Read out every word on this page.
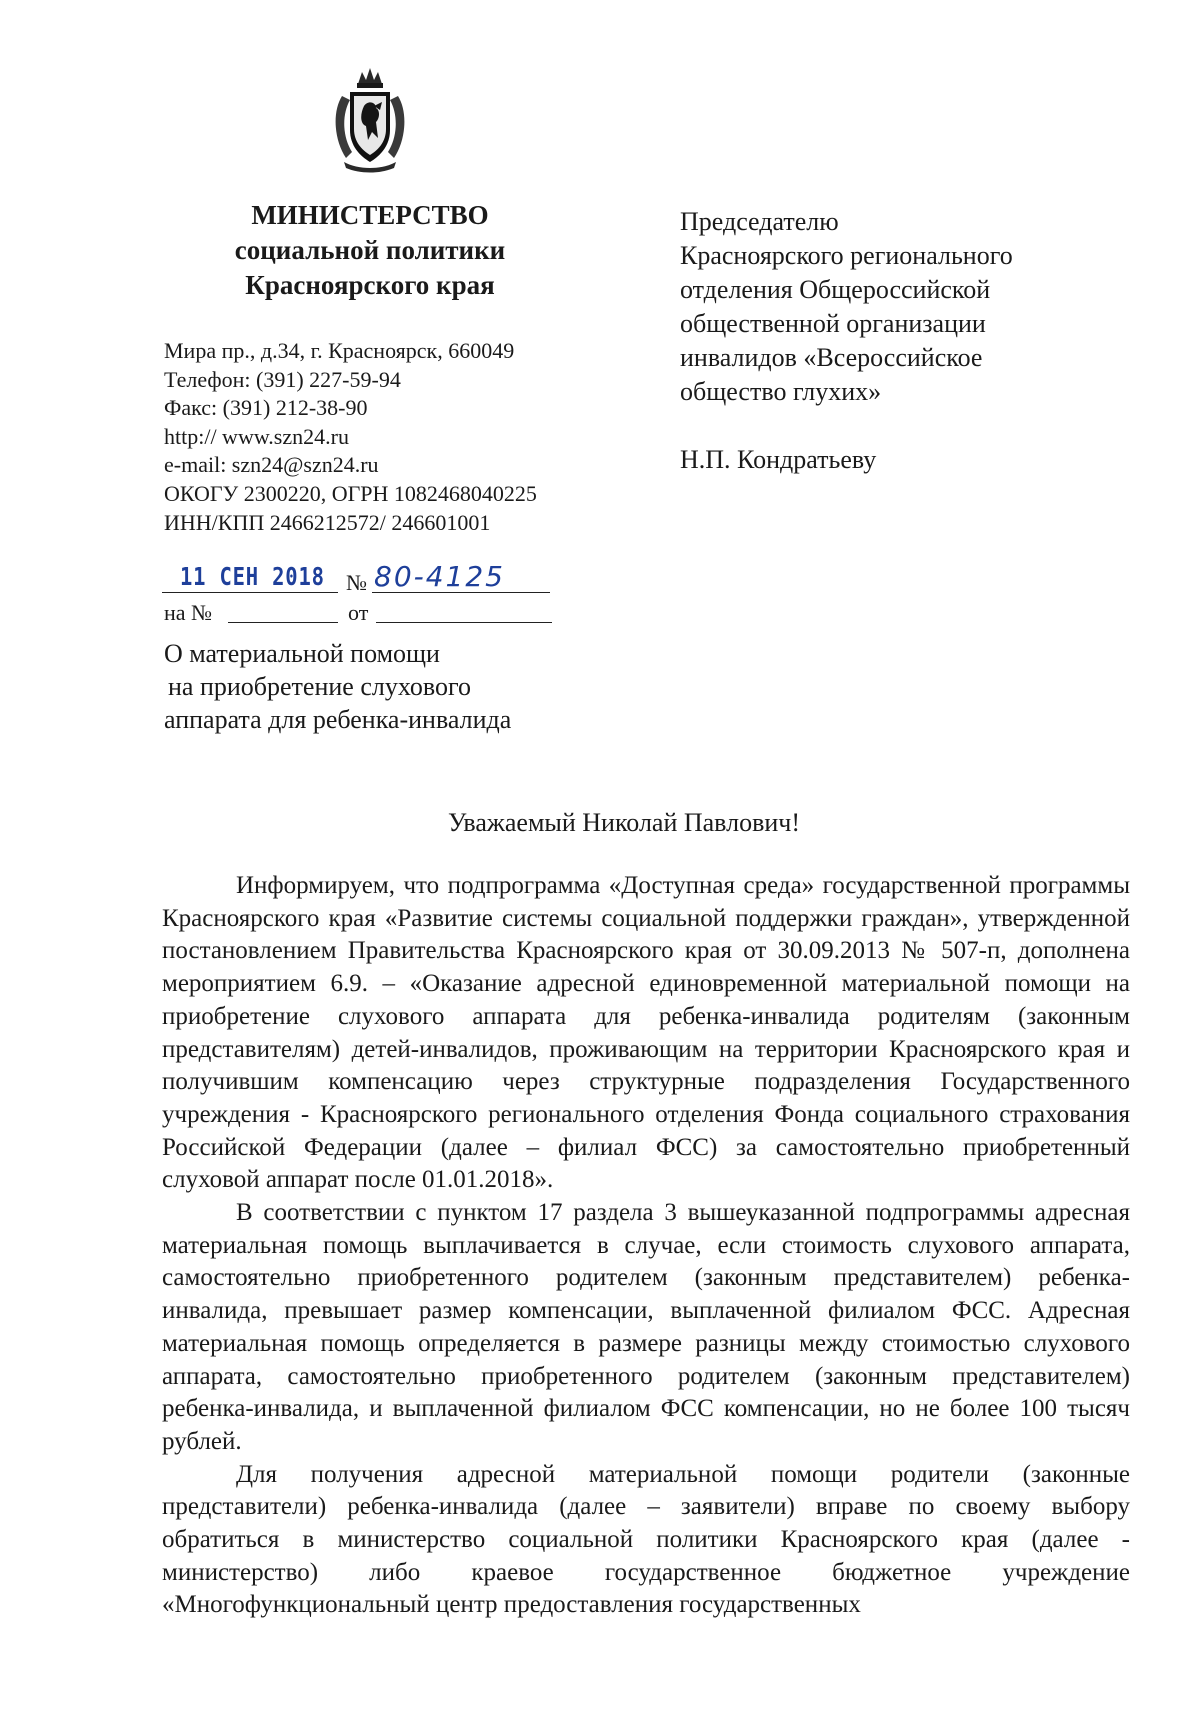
МИНИСТЕРСТВО
социальной политики
Красноярского края
Мира пр., д.34, г. Красноярск, 660049
Телефон: (391) 227-59-94
Факс: (391) 212-38-90
http:// www.szn24.ru
e-mail: szn24@szn24.ru
ОКОГУ 2300220, ОГРН 1082468040225
ИНН/КПП 2466212572/ 246601001
Председателю
Красноярского регионального
отделения Общероссийской
общественной организации
инвалидов «Всероссийское
общество глухих»
Н.П. Кондратьеву
11 СЕН 2018 № 80-4125
на №	от
О материальной помощи
на приобретение слухового
аппарата для ребенка-инвалида
Уважаемый Николай Павлович!

Информируем, что подпрограмма «Доступная среда» государственной программы Красноярского края «Развитие системы социальной поддержки граждан», утвержденной постановлением Правительства Красноярского края от 30.09.2013 № 507-п, дополнена мероприятием 6.9. – «Оказание адресной единовременной материальной помощи на приобретение слухового аппарата для ребенка-инвалида родителям (законным представителям) детей-инвалидов, проживающим на территории Красноярского края и получившим компенсацию через структурные подразделения Государственного учреждения - Красноярского регионального отделения Фонда социального страхования Российской Федерации (далее – филиал ФСС) за самостоятельно приобретенный слуховой аппарат после 01.01.2018».

В соответствии с пунктом 17 раздела 3 вышеуказанной подпрограммы адресная материальная помощь выплачивается в случае, если стоимость слухового аппарата, самостоятельно приобретенного родителем (законным представителем) ребенка-инвалида, превышает размер компенсации, выплаченной филиалом ФСС. Адресная материальная помощь определяется в размере разницы между стоимостью слухового аппарата, самостоятельно приобретенного родителем (законным представителем) ребенка-инвалида, и выплаченной филиалом ФСС компенсации, но не более 100 тысяч рублей.

Для получения адресной материальной помощи родители (законные представители) ребенка-инвалида (далее – заявители) вправе по своему выбору обратиться в министерство социальной политики Красноярского края (далее - министерство) либо краевое государственное бюджетное учреждение «Многофункциональный центр предоставления государственных
